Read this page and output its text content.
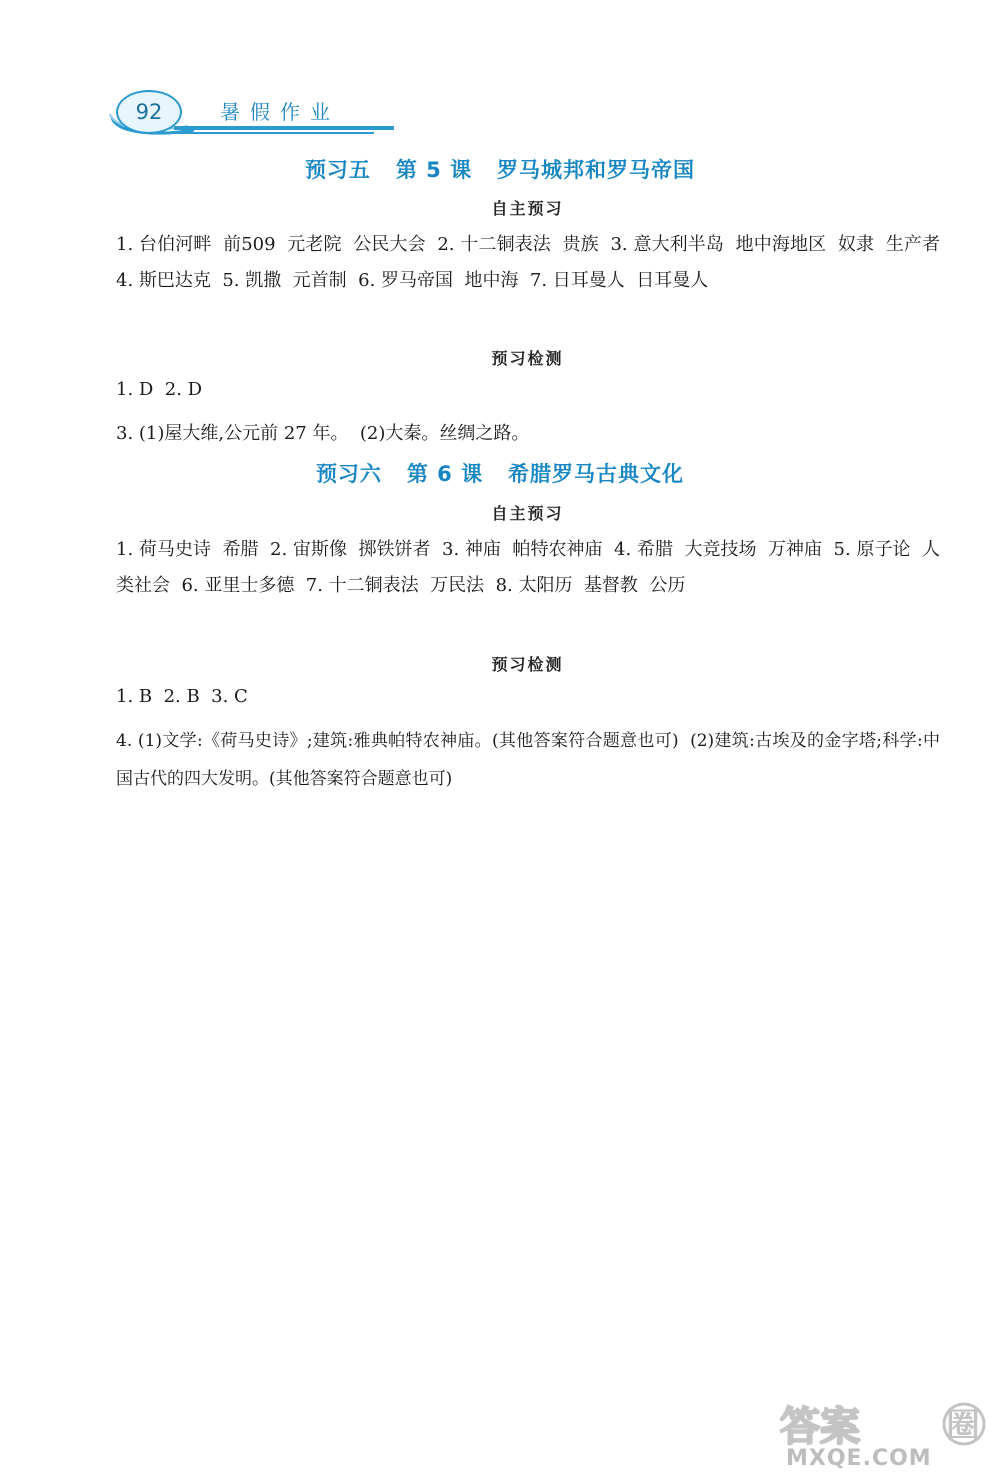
92	暑假作业
预习五   第 5 课   罗马城邦和罗马帝国
自主预习
1. 台伯河畔  前509  元老院  公民大会  2. 十二铜表法  贵族  3. 意大利半岛  地中海地区  奴隶  生产者  4. 斯巴达克  5. 凯撒  元首制  6. 罗马帝国  地中海  7. 日耳曼人  日耳曼人
预习检测
1. D  2. D
3. (1)屋大维,公元前 27 年。  (2)大秦。丝绸之路。
预习六   第 6 课   希腊罗马古典文化
自主预习
1. 荷马史诗  希腊  2. 宙斯像  掷铁饼者  3. 神庙  帕特农神庙  4. 希腊  大竞技场  万神庙  5. 原子论  人类社会  6. 亚里士多德  7. 十二铜表法  万民法  8. 太阳历  基督教  公历
预习检测
1. B  2. B  3. C
4. (1)文学:《荷马史诗》;建筑:雅典帕特农神庙。(其他答案符合题意也可)  (2)建筑:古埃及的金字塔;科学:中国古代的四大发明。(其他答案符合题意也可)
答案	圈
MXQE.COM
